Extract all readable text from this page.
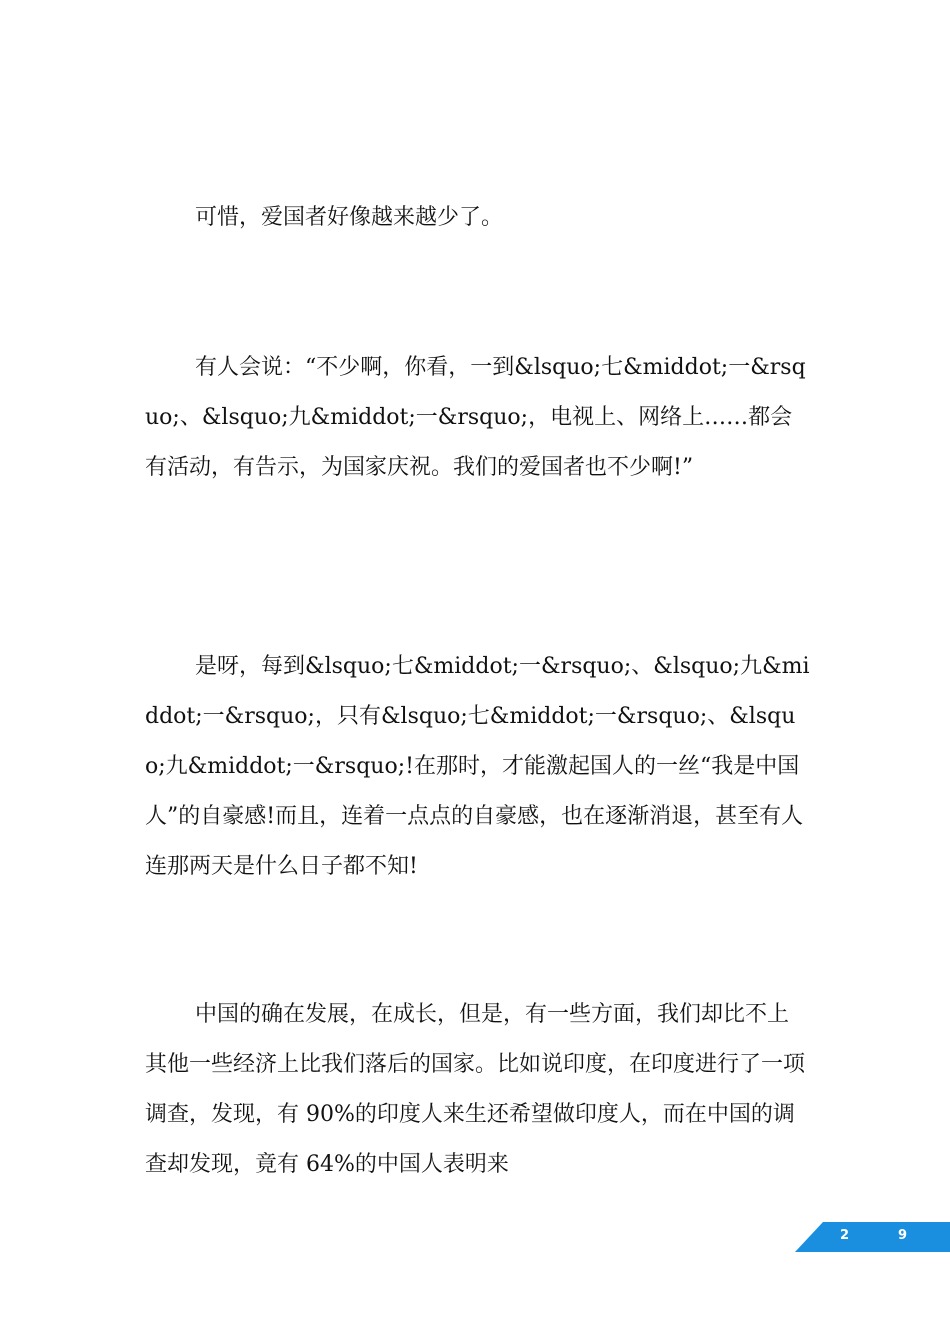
可惜，爱国者好像越来越少了。

有人会说：“不少啊，你看，一到&lsquo;七&middot;一&rsquo;、&lsquo;九&middot;一&rsquo;，电视上、网络上……都会有活动，有告示，为国家庆祝。我们的爱国者也不少啊!”

是呀，每到&lsquo;七&middot;一&rsquo;、&lsquo;九&middot;一&rsquo;，只有&lsquo;七&middot;一&rsquo;、&lsquo;九&middot;一&rsquo;!在那时，才能激起国人的一丝“我是中国人”的自豪感!而且，连着一点点的自豪感，也在逐渐消退，甚至有人连那两天是什么日子都不知!

中国的确在发展，在成长，但是，有一些方面，我们却比不上其他一些经济上比我们落后的国家。比如说印度，在印度进行了一项调查，发现，有 90%的印度人来生还希望做印度人，而在中国的调查却发现，竟有 64%的中国人表明来

2	9
